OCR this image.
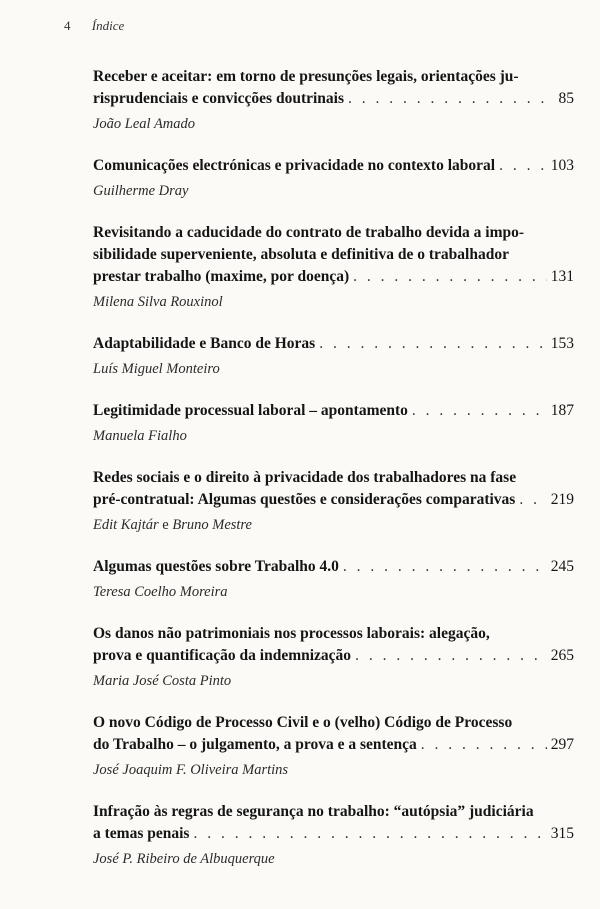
4 Índice
Receber e aceitar: em torno de presunções legais, orientações ju-
risprudenciais e convicções doutrinais . . .	85
João Leal Amado
Comunicações electrónicas e privacidade no contexto laboral . . .	103
Guilherme Dray
Revisitando a caducidade do contrato de trabalho devida a impo-
sibilidade superveniente, absoluta e definitiva de o trabalhador
prestar trabalho (maxime, por doença) . . .	131
Milena Silva Rouxinol
Adaptabilidade e Banco de Horas . . .	153
Luís Miguel Monteiro
Legitimidade processual laboral – apontamento . . .	187
Manuela Fialho
Redes sociais e o direito à privacidade dos trabalhadores na fase
pré-contratual: Algumas questões e considerações comparativas . . . 219
Edit Kajtár e Bruno Mestre
Algumas questões sobre Trabalho 4.0 . . .	245
Teresa Coelho Moreira
Os danos não patrimoniais nos processos laborais: alegação,
prova e quantificação da indemnização . . .	265
Maria José Costa Pinto
O novo Código de Processo Civil e o (velho) Código de Processo
do Trabalho – o julgamento, a prova e a sentença . . .	297
José Joaquim F. Oliveira Martins
Infração às regras de segurança no trabalho: “autópsia” judiciária
a temas penais . . .	315
José P. Ribeiro de Albuquerque
